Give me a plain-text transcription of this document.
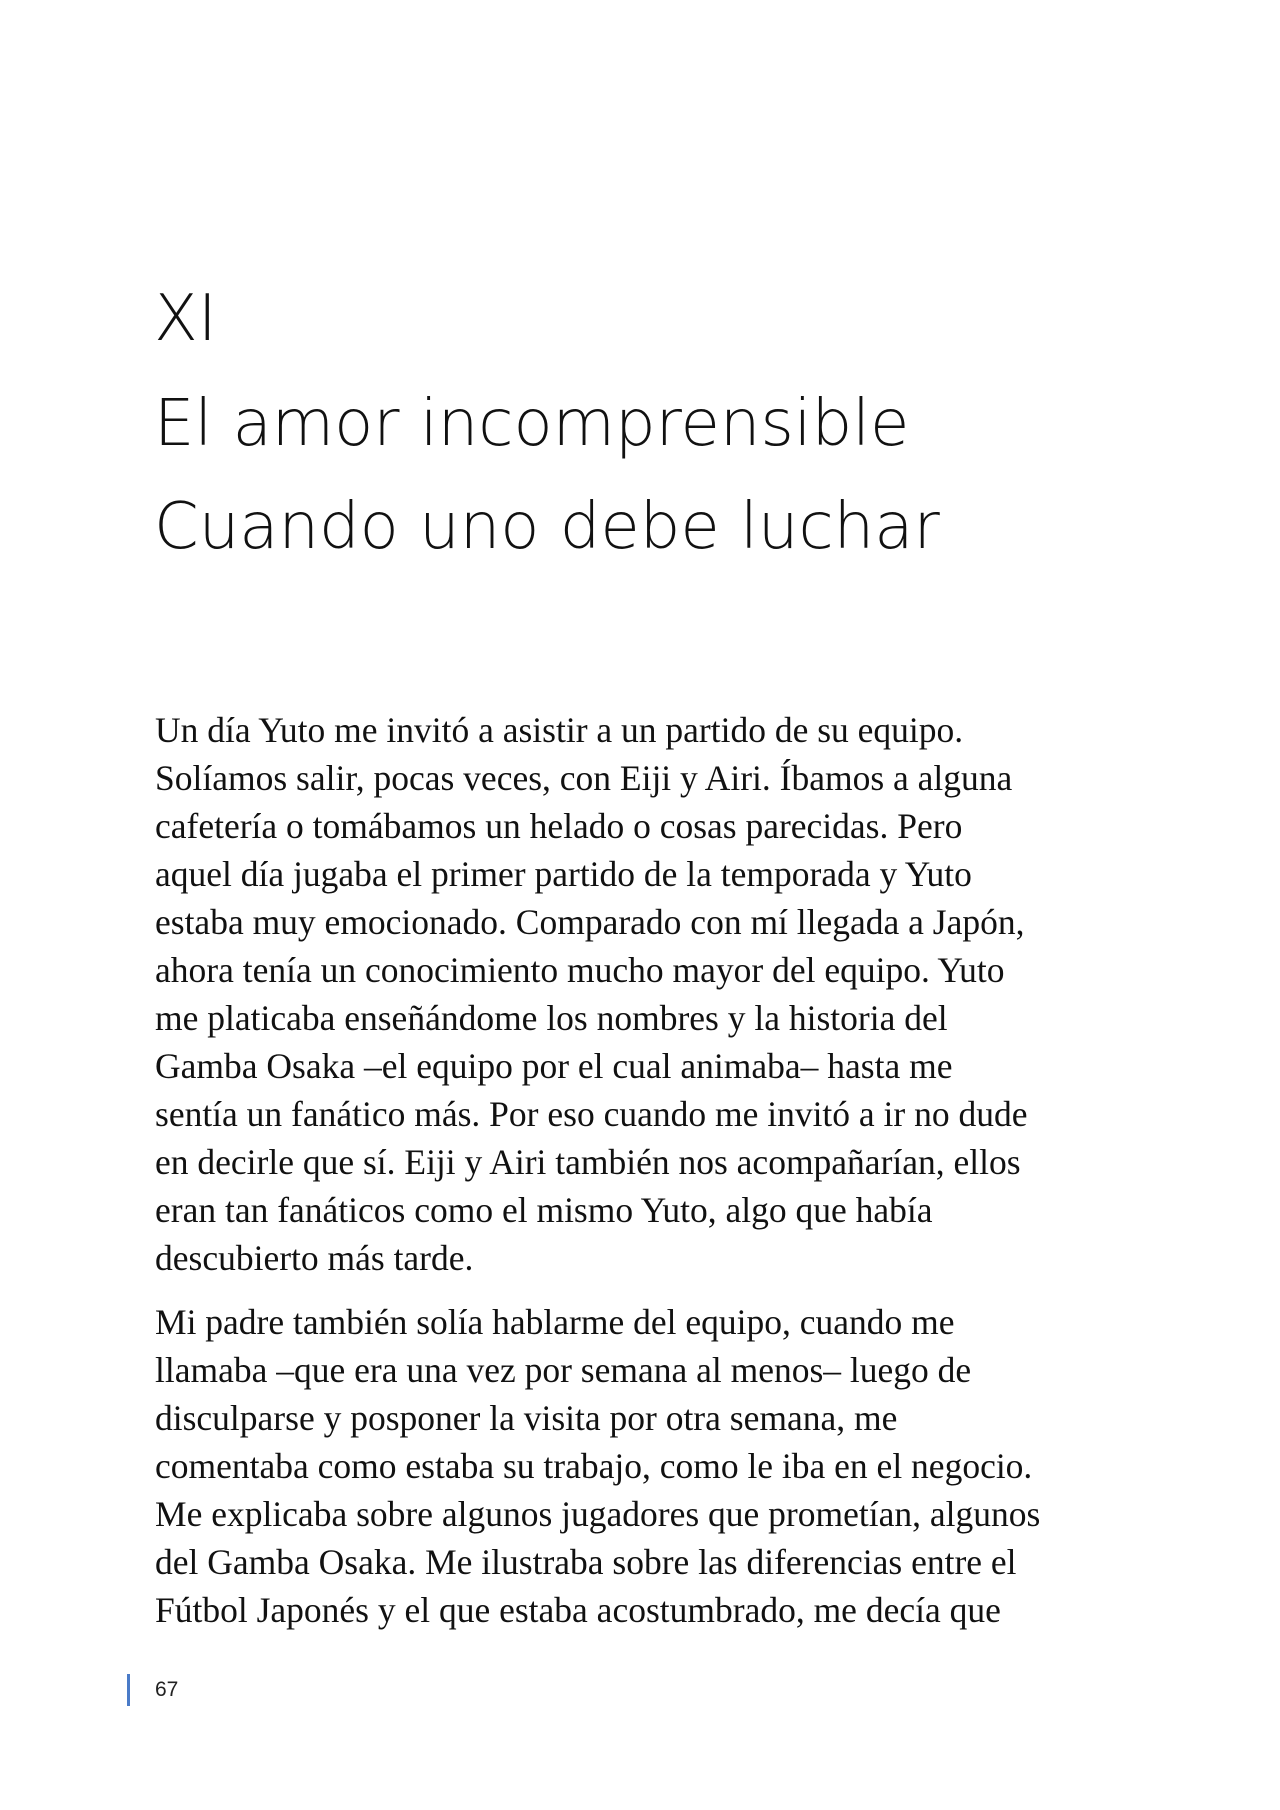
XI
El amor incomprensible
Cuando uno debe luchar

Un día Yuto me invitó a asistir a un partido de su equipo.
Solíamos salir, pocas veces, con Eiji y Airi. Íbamos a alguna
cafetería o tomábamos un helado o cosas parecidas. Pero
aquel día jugaba el primer partido de la temporada y Yuto
estaba muy emocionado. Comparado con mí llegada a Japón,
ahora tenía un conocimiento mucho mayor del equipo. Yuto
me platicaba enseñándome los nombres y la historia del
Gamba Osaka –el equipo por el cual animaba– hasta me
sentía un fanático más. Por eso cuando me invitó a ir no dude
en decirle que sí. Eiji y Airi también nos acompañarían, ellos
eran tan fanáticos como el mismo Yuto, algo que había
descubierto más tarde.

Mi padre también solía hablarme del equipo, cuando me
llamaba –que era una vez por semana al menos– luego de
disculparse y posponer la visita por otra semana, me
comentaba como estaba su trabajo, como le iba en el negocio.
Me explicaba sobre algunos jugadores que prometían, algunos
del Gamba Osaka. Me ilustraba sobre las diferencias entre el
Fútbol Japonés y el que estaba acostumbrado, me decía que

67
